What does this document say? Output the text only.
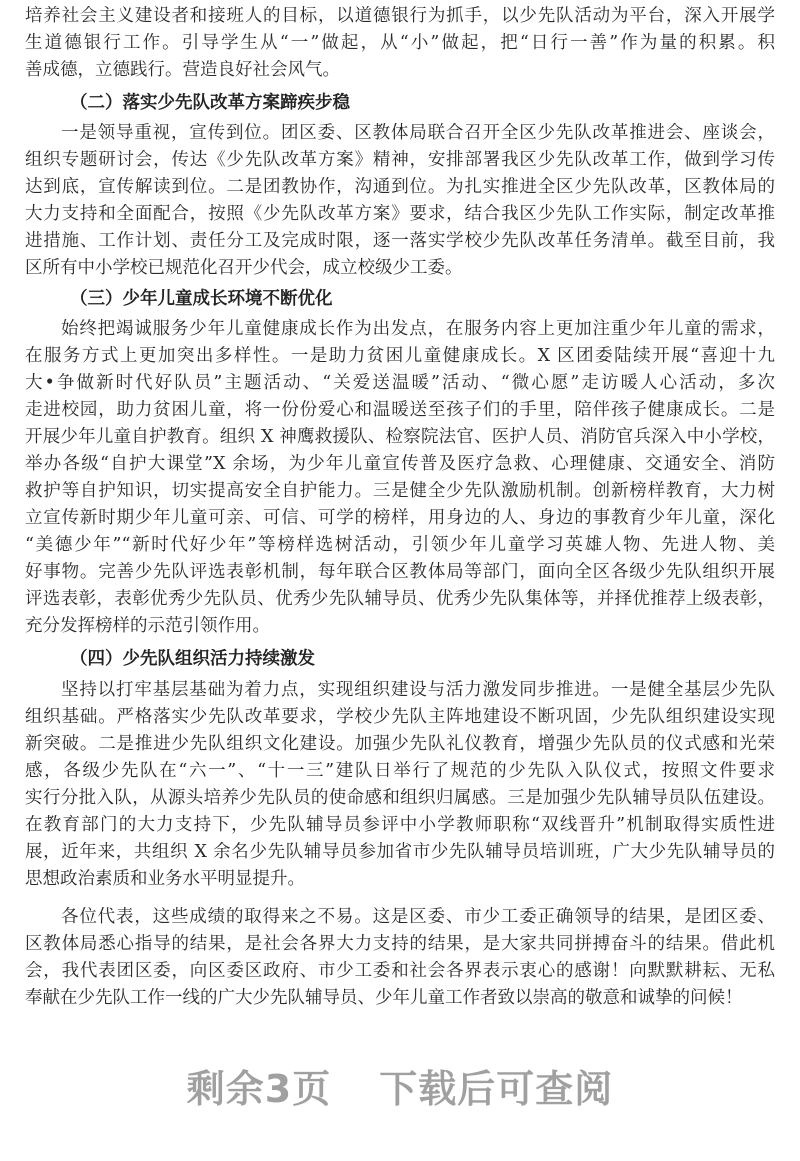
培养社会主义建设者和接班人的目标，以道德银行为抓手，以少先队活动为平台，深入开展学
生道德银行工作。引导学生从“一”做起，从“小”做起，把“日行一善”作为量的积累。积
善成德，立德践行。营造良好社会风气。
（二）落实少先队改革方案蹄疾步稳
一是领导重视，宣传到位。团区委、区教体局联合召开全区少先队改革推进会、座谈会，
组织专题研讨会，传达《少先队改革方案》精神，安排部署我区少先队改革工作，做到学习传
达到底，宣传解读到位。二是团教协作，沟通到位。为扎实推进全区少先队改革，区教体局的
大力支持和全面配合，按照《少先队改革方案》要求，结合我区少先队工作实际，制定改革推
进措施、工作计划、责任分工及完成时限，逐一落实学校少先队改革任务清单。截至目前，我
区所有中小学校已规范化召开少代会，成立校级少工委。
（三）少年儿童成长环境不断优化
始终把竭诚服务少年儿童健康成长作为出发点，在服务内容上更加注重少年儿童的需求，
在服务方式上更加突出多样性。一是助力贫困儿童健康成长。X 区团委陆续开展“喜迎十九
大•争做新时代好队员”主题活动、“关爱送温暖”活动、“微心愿”走访暖人心活动，多次
走进校园，助力贫困儿童，将一份份爱心和温暖送至孩子们的手里，陪伴孩子健康成长。二是
开展少年儿童自护教育。组织 X 神鹰救援队、检察院法官、医护人员、消防官兵深入中小学校，
举办各级“自护大课堂”X 余场，为少年儿童宣传普及医疗急救、心理健康、交通安全、消防
救护等自护知识，切实提高安全自护能力。三是健全少先队激励机制。创新榜样教育，大力树
立宣传新时期少年儿童可亲、可信、可学的榜样，用身边的人、身边的事教育少年儿童，深化
“美德少年”“新时代好少年”等榜样选树活动，引领少年儿童学习英雄人物、先进人物、美
好事物。完善少先队评选表彰机制，每年联合区教体局等部门，面向全区各级少先队组织开展
评选表彰，表彰优秀少先队员、优秀少先队辅导员、优秀少先队集体等，并择优推荐上级表彰，
充分发挥榜样的示范引领作用。
（四）少先队组织活力持续激发
坚持以打牢基层基础为着力点，实现组织建设与活力激发同步推进。一是健全基层少先队
组织基础。严格落实少先队改革要求，学校少先队主阵地建设不断巩固，少先队组织建设实现
新突破。二是推进少先队组织文化建设。加强少先队礼仪教育，增强少先队员的仪式感和光荣
感，各级少先队在“六一”、“十一三”建队日举行了规范的少先队入队仪式，按照文件要求
实行分批入队，从源头培养少先队员的使命感和组织归属感。三是加强少先队辅导员队伍建设。
在教育部门的大力支持下，少先队辅导员参评中小学教师职称“双线晋升”机制取得实质性进
展，近年来，共组织 X 余名少先队辅导员参加省市少先队辅导员培训班，广大少先队辅导员的
思想政治素质和业务水平明显提升。
各位代表，这些成绩的取得来之不易。这是区委、市少工委正确领导的结果，是团区委、
区教体局悉心指导的结果，是社会各界大力支持的结果，是大家共同拼搏奋斗的结果。借此机
会，我代表团区委，向区委区政府、市少工委和社会各界表示衷心的感谢！向默默耕耘、无私
奉献在少先队工作一线的广大少先队辅导员、少年儿童工作者致以崇高的敬意和诚挚的问候！
剩余3页 下载后可查阅
